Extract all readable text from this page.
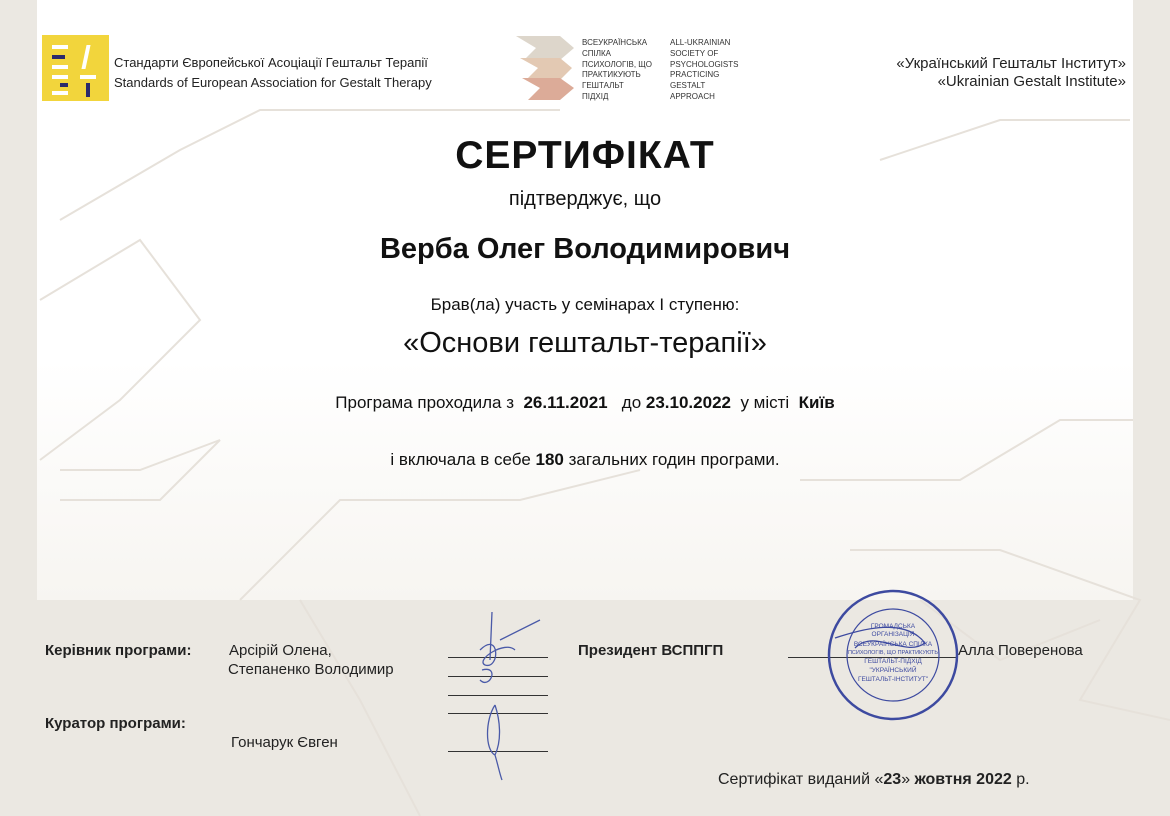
Стандарти Європейської Асоціації Гештальт Терапії
Standards of European Association for Gestalt Therapy
ВСЕУКРАЇНСЬКА
СПІЛКА
ПСИХОЛОГІВ, ЩО
ПРАКТИКУЮТЬ
ГЕШТАЛЬТ
ПІДХІД
ALL-UKRAINIAN
SOCIETY OF
PSYCHOLOGISTS
PRACTICING
GESTALT
APPROACH
«Український Гештальт Інститут»
«Ukrainian Gestalt Institute»
СЕРТИФІКАТ
підтверджує, що
Верба Олег Володимирович
Брав(ла) участь у семінарах I ступеню:
«Основи гештальт-терапії»
Програма проходила з 26.11.2021 до 23.10.2022 у місті Київ
і включала в себе 180 загальних годин програми.
Керівник програми:	Арсірій Олена,
Степаненко Володимир
Куратор програми:
Гончарук Євген
Президент ВСППГП	Алла Поверенова
ГРОМАДСЬКА
ОРГАНІЗАЦІЯ
ВСЕУКРАЇНСЬКА СПІЛКА
ПСИХОЛОГІВ, ЩО ПРАКТИКУЮТЬ
ГЕШТАЛЬТ-ПІДХІД
"УКРАЇНСЬКИЙ
ГЕШТАЛЬТ-ІНСТИТУТ"
Сертифікат виданий «23» жовтня 2022 р.
